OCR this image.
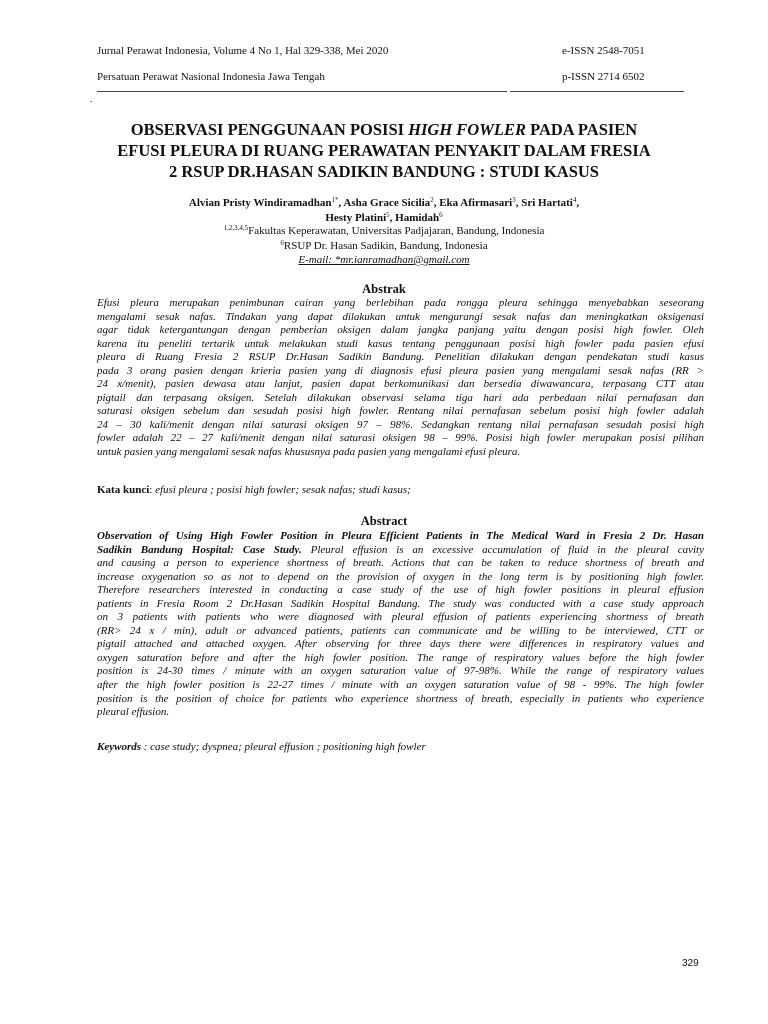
Jurnal Perawat Indonesia, Volume 4 No 1, Hal 329-338, Mei 2020	e-ISSN 2548-7051
Persatuan Perawat Nasional Indonesia Jawa Tengah	p-ISSN 2714 6502
.
OBSERVASI PENGGUNAAN POSISI HIGH FOWLER PADA PASIEN
EFUSI PLEURA DI RUANG PERAWATAN PENYAKIT DALAM FRESIA
2 RSUP DR.HASAN SADIKIN BANDUNG : STUDI KASUS
Alvian Pristy Windiramadhan$^{1*}$, Asha Grace Sicilia$^2$, Eka Afirmasari$^3$, Sri Hartati$^4$,
Hesty Platini$^5$, Hamidah$^6$
$^{1,2,3,4,5}$Fakultas Keperawatan, Universitas Padjajaran, Bandung, Indonesia
$^6$RSUP Dr. Hasan Sadikin, Bandung, Indonesia
E-mail: *mr.ianramadhan@gmail.com
Abstrak
Efusi pleura merupakan penimbunan cairan yang berlebihan pada rongga pleura sehingga menyebabkan seseorang
mengalami sesak nafas. Tindakan yang dapat dilakukan untuk mengurangi sesak nafas dan meningkatkan oksigenasi
agar tidak ketergantungan dengan pemberian oksigen dalam jangka panjang yaitu dengan posisi high fowler. Oleh
karena itu peneliti tertarik untuk melakukan studi kasus tentang penggunaan posisi high fowler pada pasien efusi
pleura di Ruang Fresia 2 RSUP Dr.Hasan Sadikin Bandung. Penelitian dilakukan dengan pendekatan studi kasus
pada 3 orang pasien dengan krieria pasien yang di diagnosis efusi pleura pasien yang mengalami sesak nafas (RR >
24 x/menit), pasien dewasa atau lanjut, pasien dapat berkomunikasi dan bersedia diwawancara, terpasang CTT atau
pigtail dan terpasang oksigen. Setelah dilakukan observasi selama tiga hari ada perbedaan nilai pernafasan dan
saturasi oksigen sebelum dan sesudah posisi high fowler. Rentang nilai pernafasan sebelum posisi high fowler adalah
24 – 30 kali/menit dengan nilai saturasi oksigen 97 – 98%. Sedangkan rentang nilai pernafasan sesudah posisi high
fowler adalah 22 – 27 kali/menit dengan nilai saturasi oksigen 98 – 99%. Posisi high fowler merupakan posisi pilihan
untuk pasien yang mengalami sesak nafas khususnya pada pasien yang mengalami efusi pleura.
Kata kunci: efusi pleura ; posisi high fowler; sesak nafas; studi kasus;
Abstract
Observation of Using High Fowler Position in Pleura Efficient Patients in The Medical Ward in Fresia 2 Dr. Hasan
Sadikin Bandung Hospital: Case Study. Pleural effusion is an excessive accumulation of fluid in the pleural cavity
and causing a person to experience shortness of breath. Actions that can be taken to reduce shortness of breath and
increase oxygenation so as not to depend on the provision of oxygen in the long term is by positioning high fowler.
Therefore researchers interested in conducting a case study of the use of high fowler positions in pleural effusion
patients in Fresia Room 2 Dr.Hasan Sadikin Hospital Bandung. The study was conducted with a case study approach
on 3 patients with patients who were diagnosed with pleural effusion of patients experiencing shortness of breath
(RR> 24 x / min), adult or advanced patients, patients can communicate and be willing to be interviewed, CTT or
pigtail attached and attached oxygen. After observing for three days there were differences in respiratory values and
oxygen saturation before and after the high fowler position. The range of respiratory values before the high fowler
position is 24-30 times / minute with an oxygen saturation value of 97-98%. While the range of respiratory values
after the high fowler position is 22-27 times / minute with an oxygen saturation value of 98 - 99%. The high fowler
position is the position of choice for patients who experience shortness of breath, especially in patients who experience
pleural effusion.
Keywords : case study; dyspnea; pleural effusion ; positioning high fowler
329
